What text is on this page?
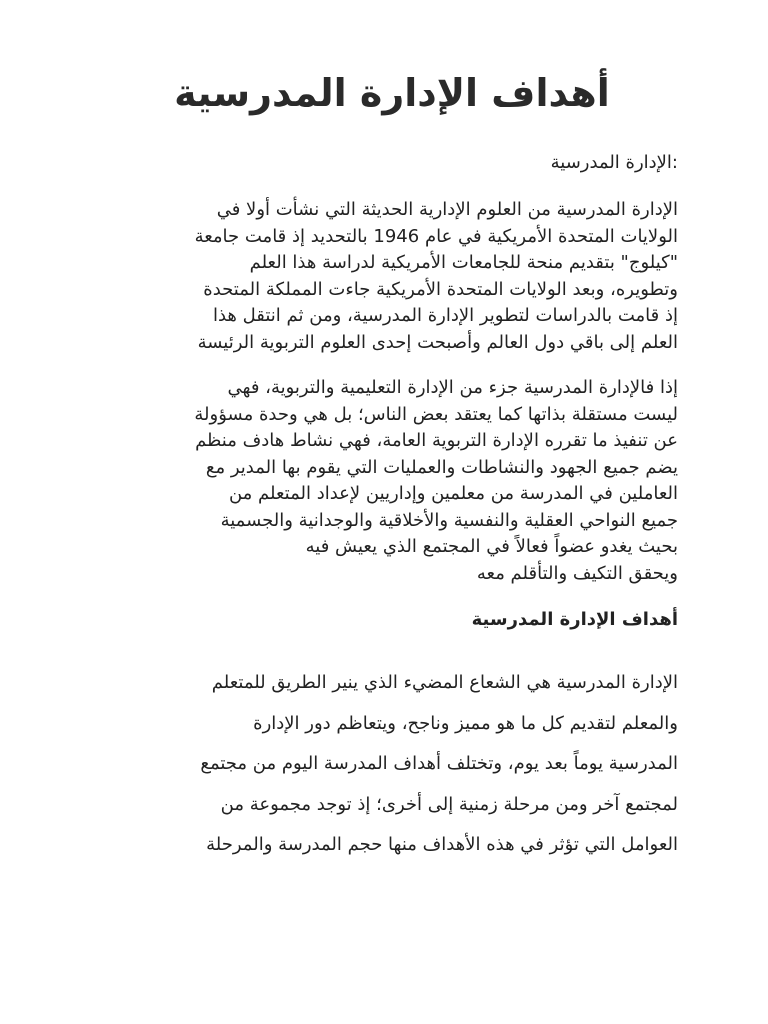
أهداف الإدارة المدرسية
:الإدارة المدرسية

الإدارة المدرسية من العلوم الإدارية الحديثة التي نشأت أولا في
الولايات المتحدة الأمريكية في عام 1946 بالتحديد إذ قامت جامعة
"كيلوج" بتقديم منحة للجامعات الأمريكية لدراسة هذا العلم
وتطويره، وبعد الولايات المتحدة الأمريكية جاءت المملكة المتحدة
إذ قامت بالدراسات لتطوير الإدارة المدرسية، ومن ثم انتقل هذا
العلم إلى باقي دول العالم وأصبحت إحدى العلوم التربوية الرئيسة

إذا فالإدارة المدرسية جزء من الإدارة التعليمية والتربوية، فهي
ليست مستقلة بذاتها كما يعتقد بعض الناس؛ بل هي وحدة مسؤولة
عن تنفيذ ما تقرره الإدارة التربوية العامة، فهي نشاط هادف منظم
يضم جميع الجهود والنشاطات والعمليات التي يقوم بها المدير مع
العاملين في المدرسة من معلمين وإداريين لإعداد المتعلم من
جميع النواحي العقلية والنفسية والأخلاقية والوجدانية والجسمية
بحيث يغدو عضواً فعالاً في المجتمع الذي يعيش فيه
ويحقق التكيف والتأقلم معه

أهداف الإدارة المدرسية

الإدارة المدرسية هي الشعاع المضيء الذي ينير الطريق للمتعلم
والمعلم لتقديم كل ما هو مميز وناجح، ويتعاظم دور الإدارة
المدرسية يوماً بعد يوم، وتختلف أهداف المدرسة اليوم من مجتمع
لمجتمع آخر ومن مرحلة زمنية إلى أخرى؛ إذ توجد مجموعة من
العوامل التي تؤثر في هذه الأهداف منها حجم المدرسة والمرحلة
